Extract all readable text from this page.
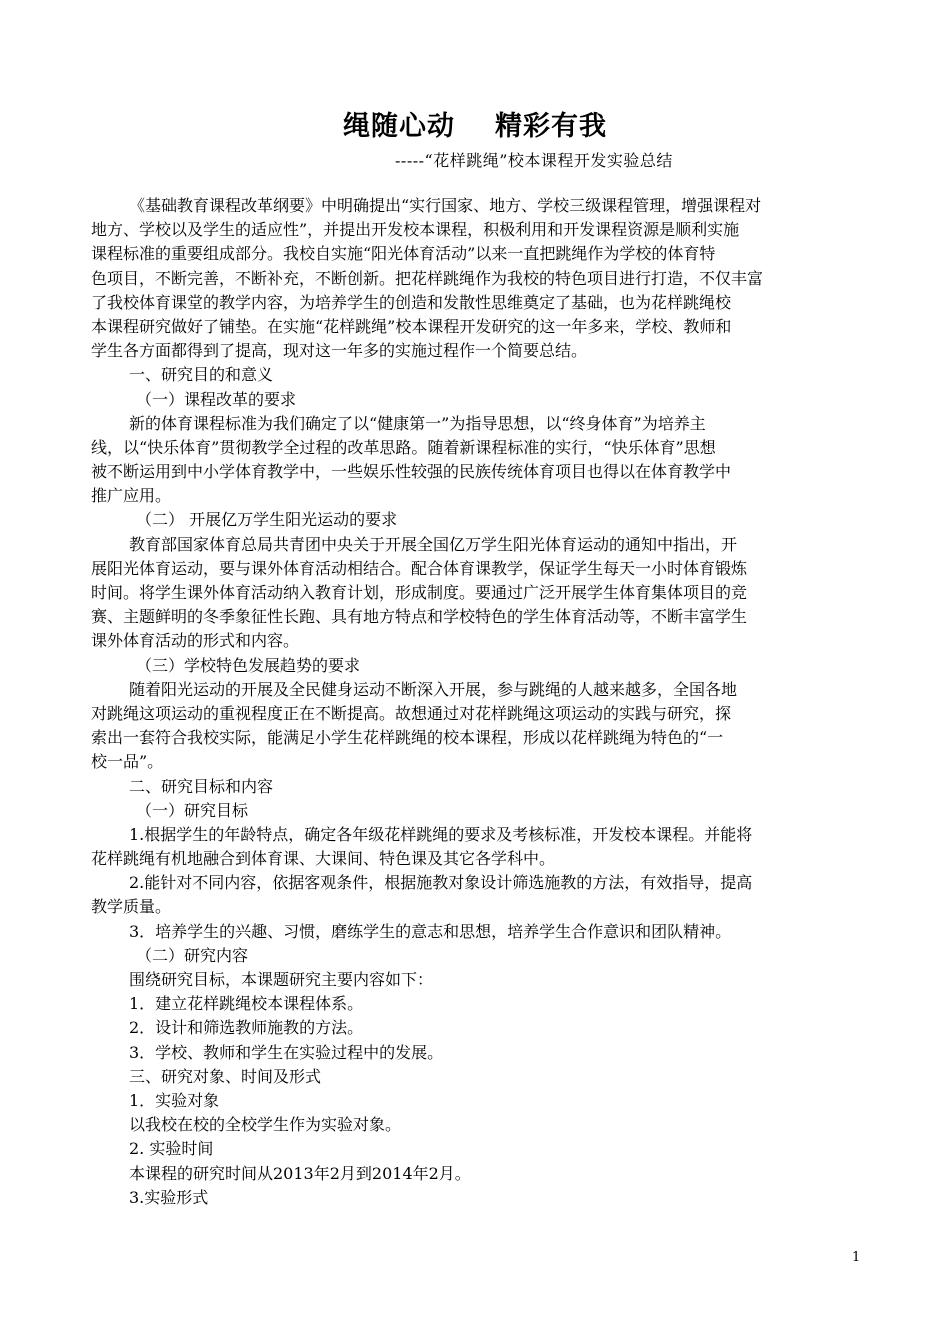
绳随心动 精彩有我
-----“花样跳绳”校本课程开发实验总结
《基础教育课程改革纲要》中明确提出“实行国家、地方、学校三级课程管理，增强课程对
地方、学校以及学生的适应性”，并提出开发校本课程，积极利用和开发课程资源是顺利实施
课程标准的重要组成部分。我校自实施“阳光体育活动”以来一直把跳绳作为学校的体育特
色项目，不断完善，不断补充，不断创新。把花样跳绳作为我校的特色项目进行打造，不仅丰富
了我校体育课堂的教学内容，为培养学生的创造和发散性思维奠定了基础，也为花样跳绳校
本课程研究做好了铺垫。在实施“花样跳绳”校本课程开发研究的这一年多来，学校、教师和
学生各方面都得到了提高，现对这一年多的实施过程作一个简要总结。
一、研究目的和意义
（一）课程改革的要求
新的体育课程标准为我们确定了以“健康第一”为指导思想，以“终身体育”为培养主
线，以“快乐体育”贯彻教学全过程的改革思路。随着新课程标准的实行，“快乐体育”思想
被不断运用到中小学体育教学中，一些娱乐性较强的民族传统体育项目也得以在体育教学中
推广应用。
（二） 开展亿万学生阳光运动的要求
教育部国家体育总局共青团中央关于开展全国亿万学生阳光体育运动的通知中指出，开
展阳光体育运动，要与课外体育活动相结合。配合体育课教学，保证学生每天一小时体育锻炼
时间。将学生课外体育活动纳入教育计划，形成制度。要通过广泛开展学生体育集体项目的竞
赛、主题鲜明的冬季象征性长跑、具有地方特点和学校特色的学生体育活动等，不断丰富学生
课外体育活动的形式和内容。
（三）学校特色发展趋势的要求
随着阳光运动的开展及全民健身运动不断深入开展，参与跳绳的人越来越多，全国各地
对跳绳这项运动的重视程度正在不断提高。故想通过对花样跳绳这项运动的实践与研究，探
索出一套符合我校实际，能满足小学生花样跳绳的校本课程，形成以花样跳绳为特色的“一
校一品”。
二、研究目标和内容
（一）研究目标
1.根据学生的年龄特点，确定各年级花样跳绳的要求及考核标准，开发校本课程。并能将
花样跳绳有机地融合到体育课、大课间、特色课及其它各学科中。
2.能针对不同内容，依据客观条件，根据施教对象设计筛选施教的方法，有效指导，提高
教学质量。
3．培养学生的兴趣、习惯，磨练学生的意志和思想，培养学生合作意识和团队精神。
（二）研究内容
围绕研究目标，本课题研究主要内容如下：
1．建立花样跳绳校本课程体系。
2．设计和筛选教师施教的方法。
3．学校、教师和学生在实验过程中的发展。
三、研究对象、时间及形式
1．实验对象
以我校在校的全校学生作为实验对象。
2. 实验时间
本课程的研究时间从2013年2月到2014年2月。
3.实验形式
1
